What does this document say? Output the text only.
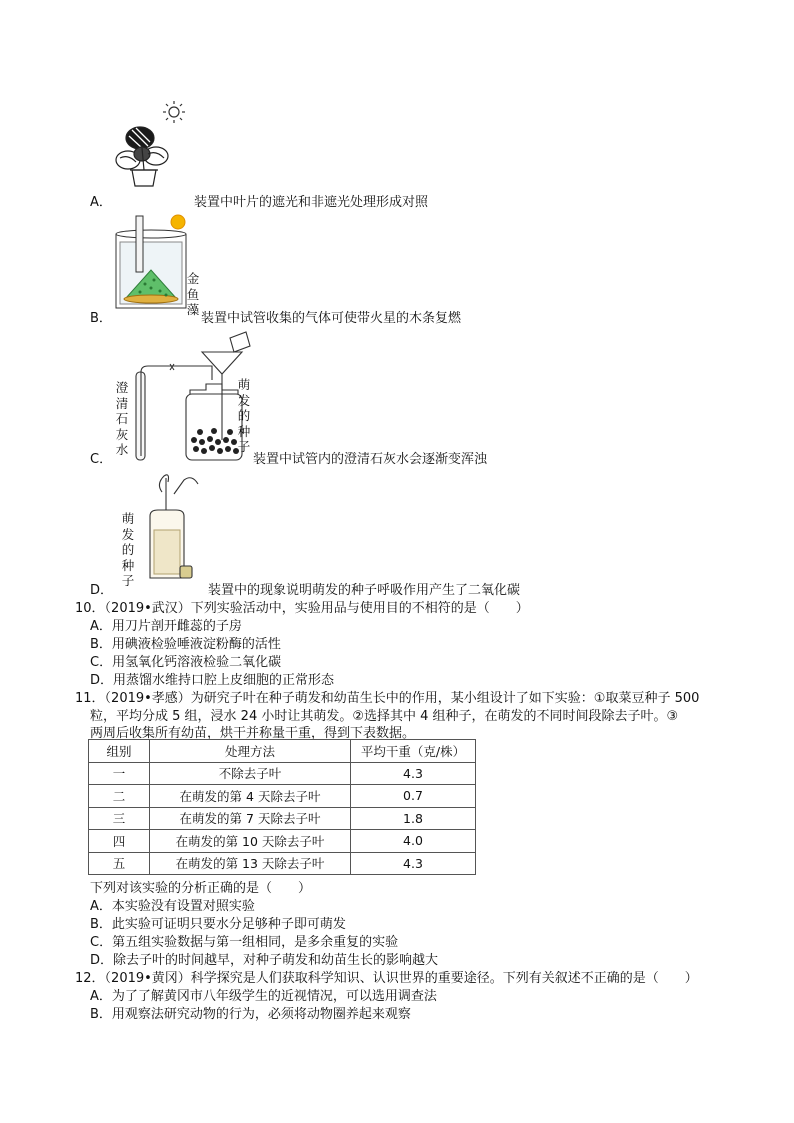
金鱼藻
澄清石灰水
萌发的种子
萌发的种子
A．	装置中叶片的遮光和非遮光处理形成对照
B．	装置中试管收集的气体可使带火星的木条复燃
C．	装置中试管内的澄清石灰水会逐渐变浑浊
D．	装置中的现象说明萌发的种子呼吸作用产生了二氧化碳
10．（2019•武汉）下列实验活动中，实验用品与使用目的不相符的是（　　）
A．用刀片剖开雌蕊的子房
B．用碘液检验唾液淀粉酶的活性
C．用氢氧化钙溶液检验二氧化碳
D．用蒸馏水维持口腔上皮细胞的正常形态
11．（2019•孝感）为研究子叶在种子萌发和幼苗生长中的作用，某小组设计了如下实验：①取菜豆种子 500
粒，平均分成 5 组，浸水 24 小时让其萌发。②选择其中 4 组种子，在萌发的不同时间段除去子叶。③
两周后收集所有幼苗，烘干并称量干重，得到下表数据。
组别	处理方法	平均干重（克/株）
一	不除去子叶	4.3
二	在萌发的第 4 天除去子叶	0.7
三	在萌发的第 7 天除去子叶	1.8
四	在萌发的第 10 天除去子叶	4.0
五	在萌发的第 13 天除去子叶	4.3
下列对该实验的分析正确的是（　　）
A．本实验没有设置对照实验
B．此实验可证明只要水分足够种子即可萌发
C．第五组实验数据与第一组相同，是多余重复的实验
D．除去子叶的时间越早，对种子萌发和幼苗生长的影响越大
12．（2019•黄冈）科学探究是人们获取科学知识、认识世界的重要途径。下列有关叙述不正确的是（　　）
A．为了了解黄冈市八年级学生的近视情况，可以选用调查法
B．用观察法研究动物的行为，必须将动物圈养起来观察
